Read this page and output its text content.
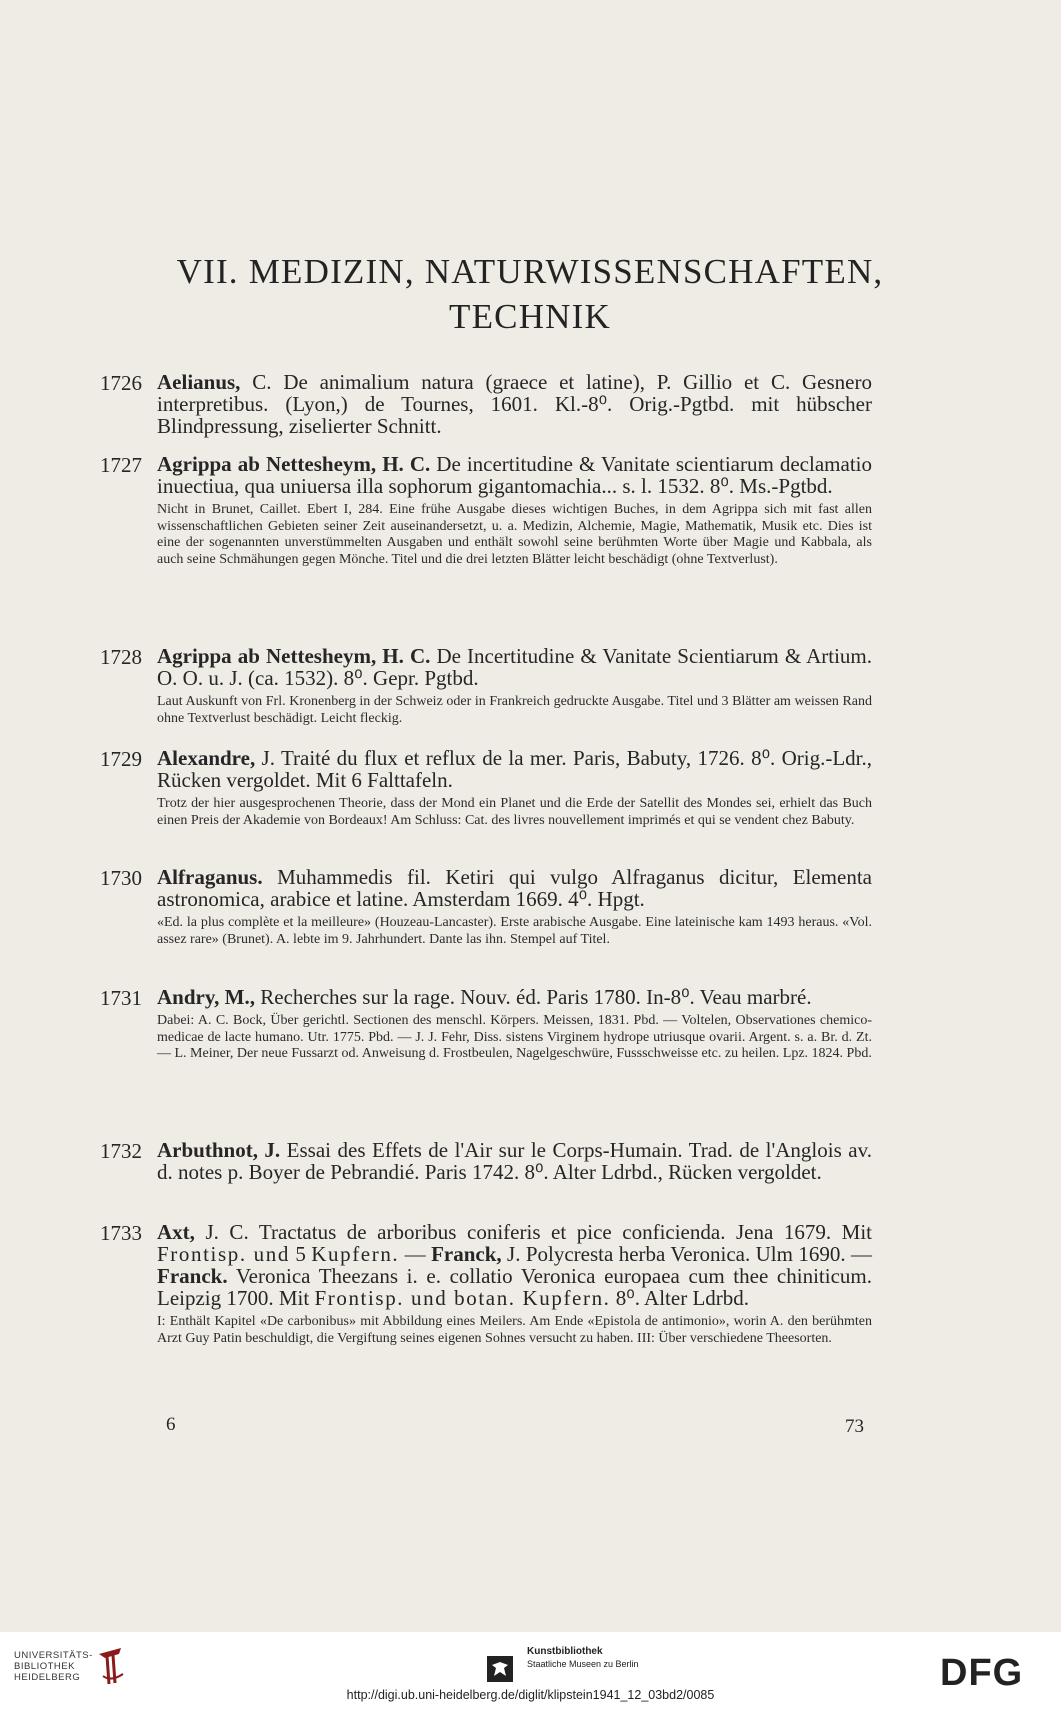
VII. MEDIZIN, NATURWISSENSCHAFTEN,
TECHNIK
1726 Aelianus, C. De animalium natura (graece et latine), P. Gillio et C. Gesnero interpretibus. (Lyon,) de Tournes, 1601. Kl.-8⁰. Orig.-Pgtbd. mit hübscher Blindpressung, ziselierter Schnitt.
1727 Agrippa ab Nettesheym, H. C. De incertitudine & Vanitate scientiarum declamatio inuectiua, qua uniuersa illa sophorum gigantomachia... s. l. 1532. 8⁰. Ms.-Pgtbd.
Nicht in Brunet, Caillet. Ebert I, 284. Eine frühe Ausgabe dieses wichtigen Buches, in dem Agrippa sich mit fast allen wissenschaftlichen Gebieten seiner Zeit auseinandersetzt, u. a. Medizin, Alchemie, Magie, Mathematik, Musik etc. Dies ist eine der sogenannten unverstümmelten Ausgaben und enthält sowohl seine berühmten Worte über Magie und Kabbala, als auch seine Schmähungen gegen Mönche. Titel und die drei letzten Blätter leicht beschädigt (ohne Textverlust).
1728 Agrippa ab Nettesheym, H. C. De Incertitudine & Vanitate Scientiarum & Artium. O. O. u. J. (ca. 1532). 8⁰. Gepr. Pgtbd.
Laut Auskunft von Frl. Kronenberg in der Schweiz oder in Frankreich gedruckte Ausgabe. Titel und 3 Blätter am weissen Rand ohne Textverlust beschädigt. Leicht fleckig.
1729 Alexandre, J. Traité du flux et reflux de la mer. Paris, Babuty, 1726. 8⁰. Orig.-Ldr., Rücken vergoldet. Mit 6 Falttafeln.
Trotz der hier ausgesprochenen Theorie, dass der Mond ein Planet und die Erde der Satellit des Mondes sei, erhielt das Buch einen Preis der Akademie von Bordeaux! Am Schluss: Cat. des livres nouvellement imprimés et qui se vendent chez Babuty.
1730 Alfraganus. Muhammedis fil. Ketiri qui vulgo Alfraganus dicitur, Elementa astronomica, arabice et latine. Amsterdam 1669. 4⁰. Hpgt.
«Ed. la plus complète et la meilleure» (Houzeau-Lancaster). Erste arabische Ausgabe. Eine lateinische kam 1493 heraus. «Vol. assez rare» (Brunet). A. lebte im 9. Jahrhundert. Dante las ihn. Stempel auf Titel.
1731 Andry, M., Recherches sur la rage. Nouv. éd. Paris 1780. In-8⁰. Veau marbré.
Dabei: A. C. Bock, Über gerichtl. Sectionen des menschl. Körpers. Meissen, 1831. Pbd. — Voltelen, Observationes chemico-medicae de lacte humano. Utr. 1775. Pbd. — J. J. Fehr, Diss. sistens Virginem hydrope utriusque ovarii. Argent. s. a. Br. d. Zt. — L. Meiner, Der neue Fussarzt od. Anweisung d. Frostbeulen, Nagelgeschwüre, Fussschweisse etc. zu heilen. Lpz. 1824. Pbd.
1732 Arbuthnot, J. Essai des Effets de l'Air sur le Corps-Humain. Trad. de l'Anglois av. d. notes p. Boyer de Pebrandié. Paris 1742. 8⁰. Alter Ldrbd., Rücken vergoldet.
1733 Axt, J. C. Tractatus de arboribus coniferis et pice conficienda. Jena 1679. Mit Frontisp. und 5 Kupfern. — Franck, J. Polycresta herba Veronica. Ulm 1690. — Franck. Veronica Theezans i. e. collatio Veronica europaea cum thee chiniticum. Leipzig 1700. Mit Frontisp. und botan. Kupfern. 8⁰. Alter Ldrbd.
I: Enthält Kapitel «De carbonibus» mit Abbildung eines Meilers. Am Ende «Epistola de antimonio», worin A. den berühmten Arzt Guy Patin beschuldigt, die Vergiftung seines eigenen Sohnes versucht zu haben. III: Über verschiedene Theesorten.
6	73
UNIVERSITÄTS-
BIBLIOTHEK
HEIDELBERG
Kunstbibliothek
Staatliche Museen zu Berlin	DFG
http://digi.ub.uni-heidelberg.de/diglit/klipstein1941_12_03bd2/0085
